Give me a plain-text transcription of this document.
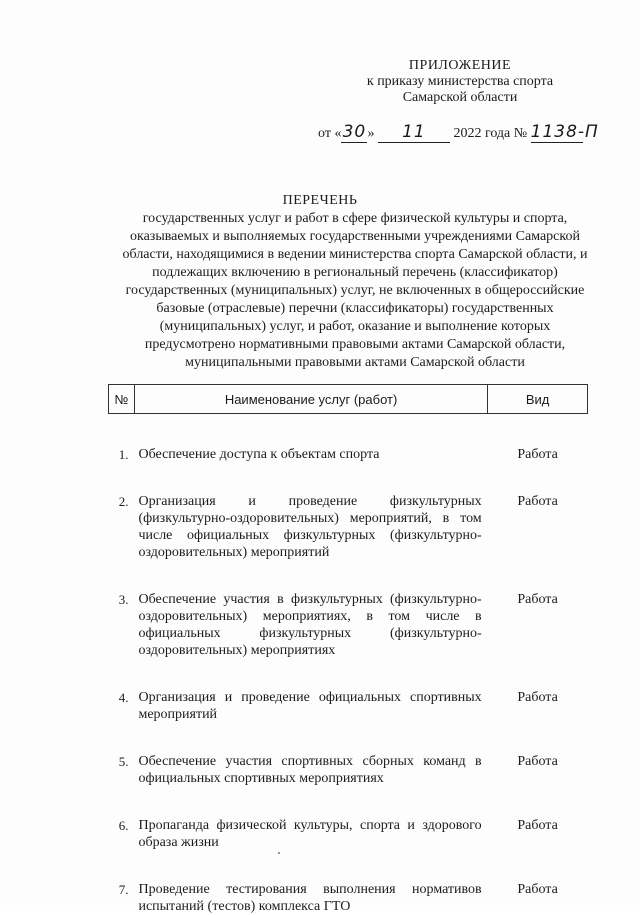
ПРИЛОЖЕНИЕ
к приказу министерства спорта
Самарской области
от «30» 11 2022 года № 1138-П
ПЕРЕЧЕНЬ
государственных услуг и работ в сфере физической культуры и спорта, оказываемых и выполняемых государственными учреждениями Самарской области, находящимися в ведении министерства спорта Самарской области, и подлежащих включению в региональный перечень (классификатор) государственных (муниципальных) услуг, не включенных в общероссийские базовые (отраслевые) перечни (классификаторы) государственных (муниципальных) услуг, и работ, оказание и выполнение которых предусмотрено нормативными правовыми актами Самарской области, муниципальными правовыми актами Самарской области
№	Наименование услуг (работ)	Вид
1.	Обеспечение доступа к объектам спорта	Работа

2.	Организация и проведение физкультурных (физкультурно-оздоровительных) мероприятий, в том числе официальных физкультурных (физкультурно-оздоровительных) мероприятий	Работа

3.	Обеспечение участия в физкультурных (физкультурно-оздоровительных) мероприятиях, в том числе в официальных физкультурных (физкультурно-оздоровительных) мероприятиях	Работа

4.	Организация и проведение официальных спортивных мероприятий	Работа

5.	Обеспечение участия спортивных сборных команд в официальных спортивных мероприятиях	Работа

6.	Пропаганда физической культуры, спорта и здорового образа жизни	Работа

7.	Проведение тестирования выполнения нормативов испытаний (тестов) комплекса ГТО	Работа
